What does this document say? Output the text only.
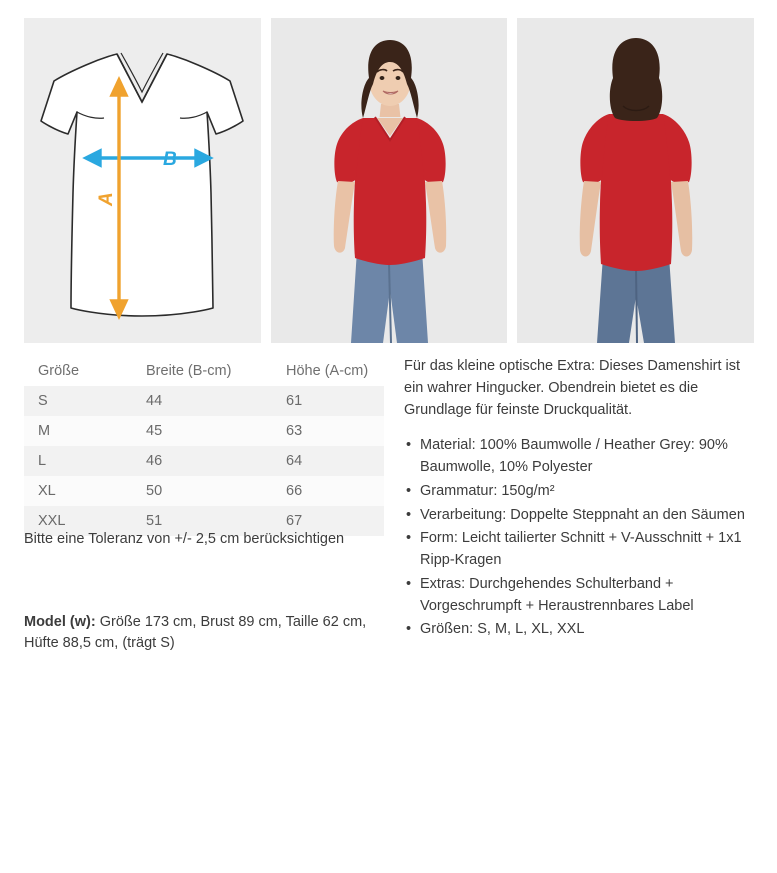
B
A
Größe	Breite (B-cm)	Höhe (A-cm)
S	44	61
M	45	63
L	46	64
XL	50	66
XXL	51	67
Bitte eine Toleranz von +/- 2,5 cm berücksichtigen
Model (w): Größe 173 cm, Brust 89 cm, Taille 62 cm, Hüfte 88,5 cm, (trägt S)

Für das kleine optische Extra: Dieses Damenshirt ist ein wahrer Hingucker. Obendrein bietet es die Grundlage für feinste Druckqualität.

• Material: 100% Baumwolle / Heather Grey: 90% Baumwolle, 10% Polyester
• Grammatur: 150g/m²
• Verarbeitung: Doppelte Steppnaht an den Säumen
• Form: Leicht tailierter Schnitt + V-Ausschnitt + 1x1 Ripp-Kragen
• Extras: Durchgehendes Schulterband + Vorgeschrumpft + Heraustrennbares Label
• Größen: S, M, L, XL, XXL
